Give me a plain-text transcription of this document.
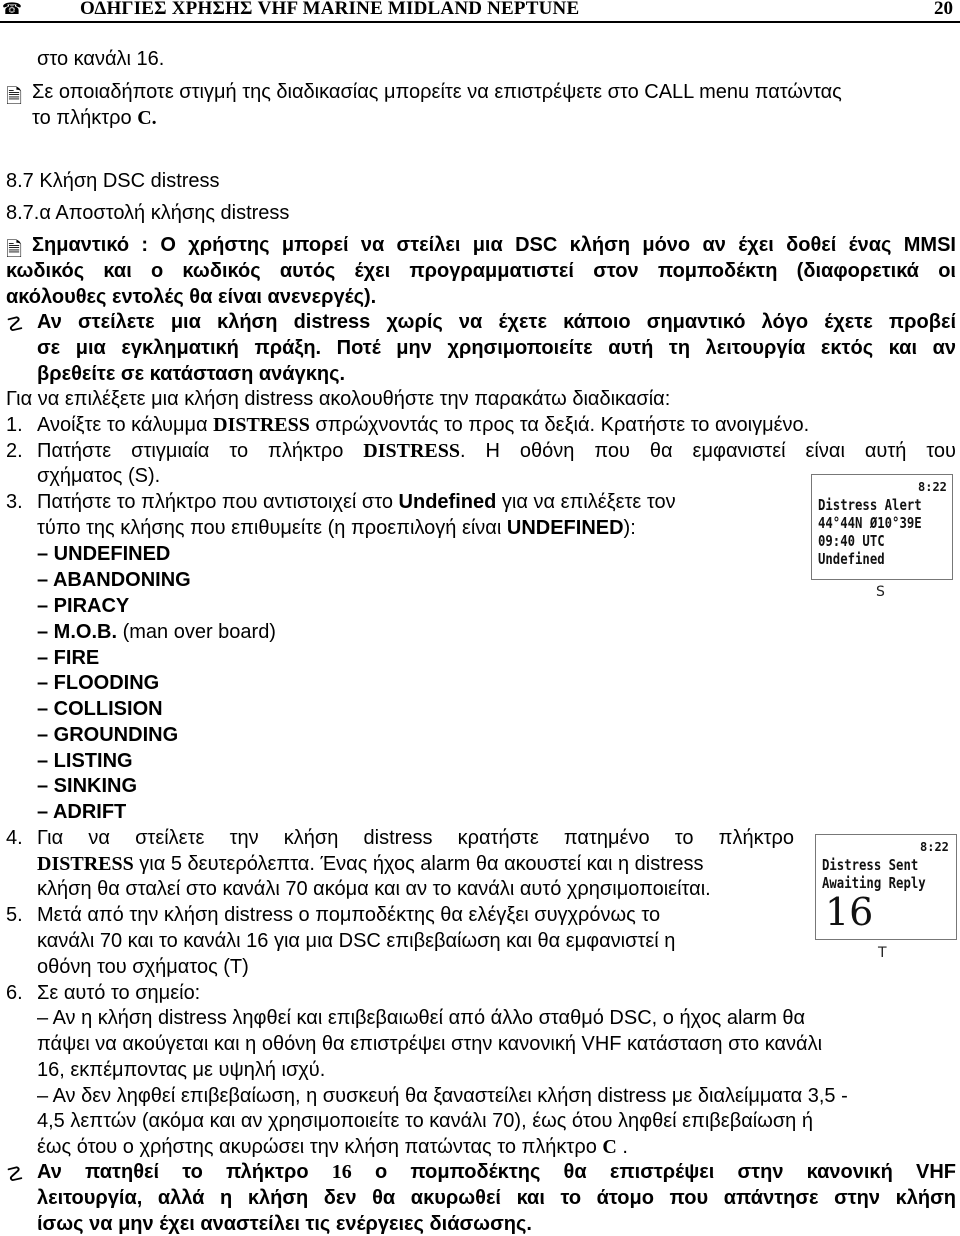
☎	ΟΔΗΓΙΕΣ ΧΡΗΣΗΣ VHF MARINE MIDLAND NEPTUNE	20
στο κανάλι 16.
🗎 Σε οποιαδήποτε στιγμή της διαδικασίας μπορείτε να επιστρέψετε στο CALL menu πατώντας
το πλήκτρο C.
8.7 Κλήση DSC distress
8.7.α Αποστολή κλήσης distress
🗎 Σημαντικό : Ο χρήστης μπορεί να στείλει μια DSC κλήση μόνο αν έχει δοθεί ένας MMSI
κωδικός και ο κωδικός αυτός έχει προγραμματιστεί στον πομποδέκτη (διαφορετικά οι
ακόλουθες εντολές θα είναι ανενεργές).
☡ Αν στείλετε μια κλήση distress χωρίς να έχετε κάποιο σημαντικό λόγο έχετε προβεί
σε μια εγκληματική πράξη. Ποτέ μην χρησιμοποιείτε αυτή τη λειτουργία εκτός και αν
βρεθείτε σε κατάσταση ανάγκης.
Για να επιλέξετε μια κλήση distress ακολουθήστε την παρακάτω διαδικασία:
1. Ανοίξτε το κάλυμμα DISTRESS σπρώχνοντάς το προς τα δεξιά. Κρατήστε το ανοιγμένο.
2. Πατήστε στιγμιαία το πλήκτρο DISTRESS. Η οθόνη που θα εμφανιστεί είναι αυτή του
σχήματος (S).
3. Πατήστε το πλήκτρο που αντιστοιχεί στο Undefined για να επιλέξετε τον
τύπο της κλήσης που επιθυμείτε (η προεπιλογή είναι UNDEFINED):
– UNDEFINED
– ABANDONING
– PIRACY
– M.O.B. (man over board)
– FIRE
– FLOODING
– COLLISION
– GROUNDING
– LISTING
– SINKING
– ADRIFT
4. Για να στείλετε την κλήση distress κρατήστε πατημένο το πλήκτρο
DISTRESS για 5 δευτερόλεπτα. Ένας ήχος alarm θα ακουστεί και η distress
κλήση θα σταλεί στο κανάλι 70 ακόμα και αν το κανάλι αυτό χρησιμοποιείται.
5. Μετά από την κλήση distress ο πομποδέκτης θα ελέγξει συγχρόνως το
κανάλι 70 και το κανάλι 16 για μια DSC επιβεβαίωση και θα εμφανιστεί η
οθόνη του σχήματος (T)
6. Σε αυτό το σημείο:
– Αν η κλήση distress ληφθεί και επιβεβαιωθεί από άλλο σταθμό DSC, ο ήχος alarm θα
πάψει να ακούγεται και η οθόνη θα επιστρέψει στην κανονική VHF κατάσταση στο κανάλι
16, εκπέμποντας με υψηλή ισχύ.
– Αν δεν ληφθεί επιβεβαίωση, η συσκευή θα ξαναστείλει κλήση distress με διαλείμματα 3,5 -
4,5 λεπτών (ακόμα και αν χρησιμοποιείτε το κανάλι 70), έως ότου ληφθεί επιβεβαίωση ή
έως ότου ο χρήστης ακυρώσει την κλήση πατώντας το πλήκτρο C .
☡ Αν πατηθεί το πλήκτρο 16 ο πομποδέκτης θα επιστρέψει στην κανονική VHF
λειτουργία, αλλά η κλήση δεν θα ακυρωθεί και το άτομο που απάντησε στην κλήση
ίσως να μην έχει αναστείλει τις ενέργειες διάσωσης.
8:22
Distress Alert
44°44N Ø10°39E
09:40 UTC
Undefined
S
8:22
Distress Sent
Awaiting Reply
16
T
